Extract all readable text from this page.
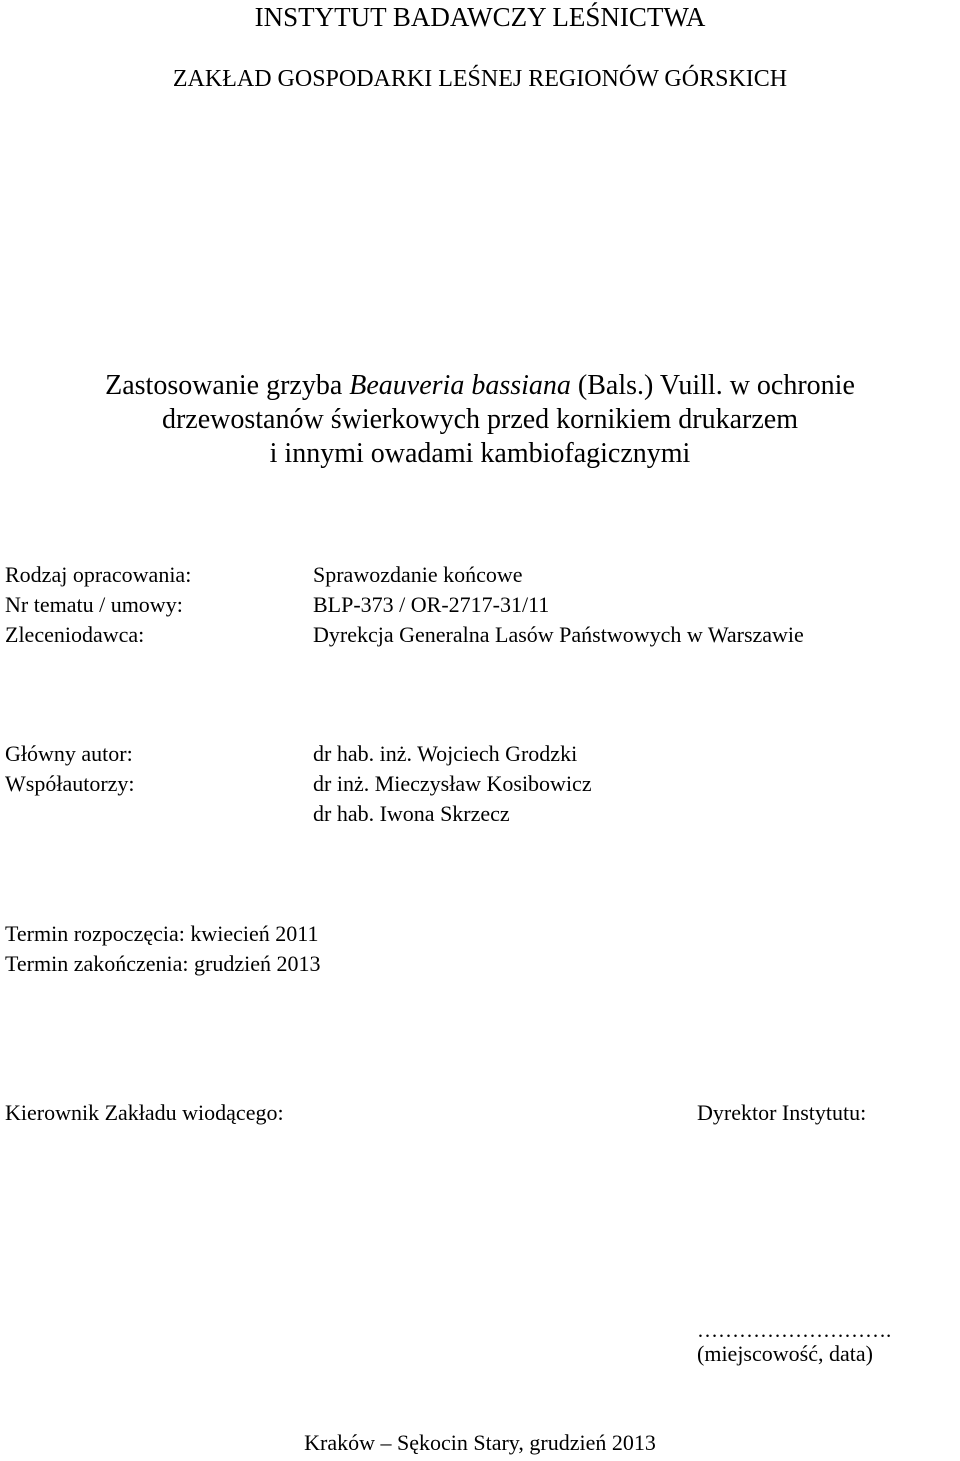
INSTYTUT BADAWCZY LEŚNICTWA
ZAKŁAD GOSPODARKI LEŚNEJ REGIONÓW GÓRSKICH
Zastosowanie grzyba Beauveria bassiana (Bals.) Vuill. w ochronie
drzewostanów świerkowych przed kornikiem drukarzem
i innymi owadami kambiofagicznymi
Rodzaj opracowania:	Sprawozdanie końcowe
Nr tematu / umowy:	BLP-373 / OR-2717-31/11
Zleceniodawca:	Dyrekcja Generalna Lasów Państwowych w Warszawie
Główny autor:	dr hab. inż. Wojciech Grodzki
Współautorzy:	dr inż. Mieczysław Kosibowicz
dr hab. Iwona Skrzecz
Termin rozpoczęcia: kwiecień 2011
Termin zakończenia: grudzień 2013
Kierownik Zakładu wiodącego:	Dyrektor Instytutu:
……………………….
(miejscowość, data)
Kraków – Sękocin Stary, grudzień 2013
